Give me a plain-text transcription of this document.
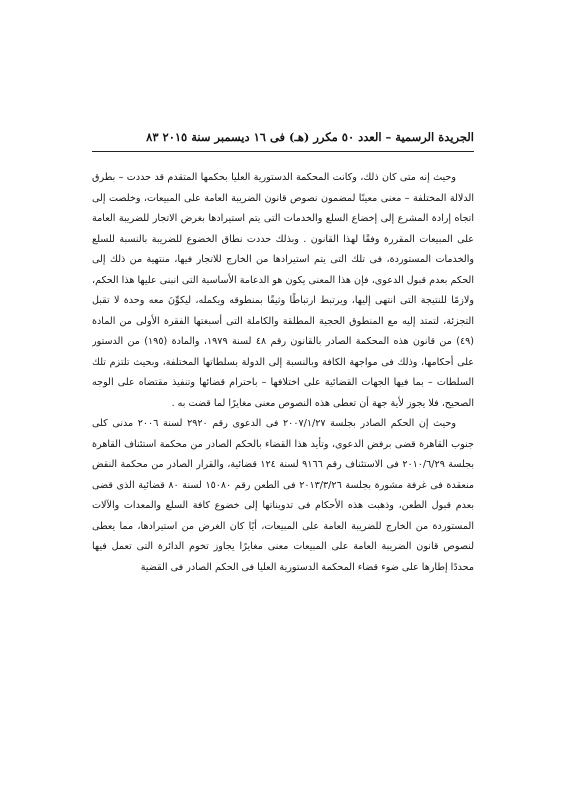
الجريدة الرسمية – العدد ٥٠ مكرر (هـ) فى ١٦ ديسمبر سنة ٢٠١٥ ٨٣

وحيث إنه متى كان ذلك، وكانت المحكمة الدستورية العليا بحكمها المتقدم قد حددت – بطرق الدلالة المختلفة – معنى معينًا لمضمون نصوص قانون الضريبة العامة على المبيعات، وخلصت إلى اتجاه إرادة المشرع إلى إخضاع السلع والخدمات التى يتم استيرادها بغرض الاتجار للضريبة العامة على المبيعات المقررة وفقًا لهذا القانون . وبذلك حددت نطاق الخضوع للضريبة بالنسبة للسلع والخدمات المستوردة، فى تلك التى يتم استيرادها من الخارج للاتجار فيها، منتهية من ذلك إلى الحكم بعدم قبول الدعوى، فإن هذا المعنى يكون هو الدعامة الأساسية التى انبنى عليها هذا الحكم، ولازمًا للنتيجة التى انتهى إليها، ويرتبط ارتباطًا وثيقًا بمنطوقه ويكمله، ليكوِّنَ معه وحدة لا تقبل التجزئة، لتمتد إليه مع المنطوق الحجية المطلقة والكاملة التى أسبغتها الفقرة الأولى من المادة (٤٩) من قانون هذه المحكمة الصادر بالقانون رقم ٤٨ لسنة ١٩٧٩، والمادة (١٩٥) من الدستور على أحكامها، وذلك فى مواجهة الكافة وبالنسبة إلى الدولة بسلطاتها المختلفة، وبحيث تلتزم تلك السلطات – بما فيها الجهات القضائية على اختلافها – باحترام قضائها وتنفيذ مقتضاه على الوجه الصحيح، فلا يجوز لأية جهة أن تعطى هذه النصوص معنى مغايرًا لما قضت به .

وحيث إن الحكم الصادر بجلسة ٢٠٠٧/١/٢٧ فى الدعوى رقم ٢٩٢٠ لسنة ٢٠٠٦ مدنى كلى جنوب القاهرة قضى برفض الدعوى، وتأيد هذا القضاء بالحكم الصادر من محكمة استئناف القاهرة بجلسة ٢٠١٠/٦/٢٩ فى الاستئناف رقم ٩١٦٦ لسنة ١٢٤ قضائية، والقرار الصادر من محكمة النقض منعقدة فى غرفة مشورة بجلسة ٢٠١٣/٣/٢٦ فى الطعن رقم ١٥٠٨٠ لسنة ٨٠ قضائية الذى قضى بعدم قبول الطعن، وذهبت هذه الأحكام فى تدويناتها إلى خضوع كافة السلع والمعدات والآلات المستوردة من الخارج للضريبة العامة على المبيعات، أيًا كان الغرض من استيرادها، مما يعطى لنصوص قانون الضريبة العامة على المبيعات معنى مغايرًا يجاوز تخوم الدائرة التى تعمل فيها محددًا إطارها على ضوء قضاء المحكمة الدستورية العليا فى الحكم الصادر فى القضية
